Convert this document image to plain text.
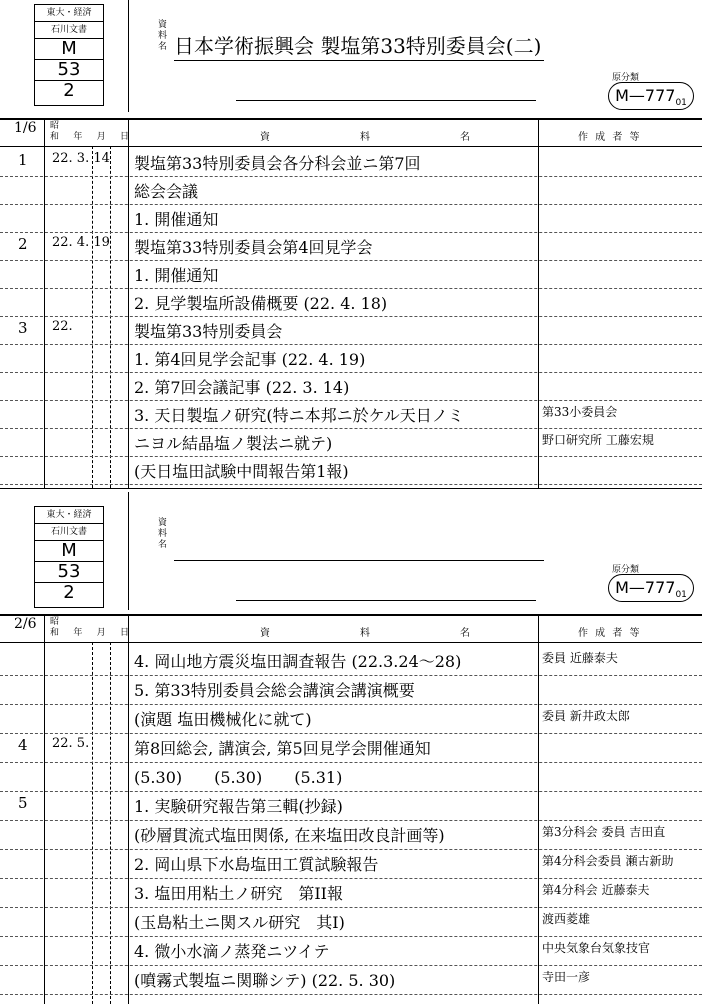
東大・経済
石川文書
M
53
2
資
料
名 日本学術振興会 製塩第33特別委員会(二)
原分類
$M—777_{01}$
1/6 昭
和 年 月 日	資　料　名	作 成 者 等
1 22. 3. 14 製塩第33特別委員会各分科会並ニ第7回
総会会議
1. 開催通知
2 22. 4. 19 製塩第33特別委員会第4回見学会
1. 開催通知
2. 見学製塩所設備概要 (22. 4. 18)
3 22.	製塩第33特別委員会
1. 第4回見学会記事 (22. 4. 19)
2. 第7回会議記事 (22. 3. 14)
3. 天日製塩ノ研究(特ニ本邦ニ於ケル天日ノミ	第33小委員会
ニヨル結晶塩ノ製法ニ就テ)	野口研究所 工藤宏規
(天日塩田試験中間報告第1報)
東大・経済
石川文書
M
53
2
資
料
名
原分類
$M—777_{01}$
2/6 昭
和 年 月 日	資　料　名	作 成 者 等
4. 岡山地方震災塩田調査報告 (22.3.24〜28)	委員 近藤泰夫
5. 第33特別委員会総会講演会講演概要
(演題 塩田機械化に就て)	委員 新井政太郎
4 22. 5.	第8回総会, 講演会, 第5回見学会開催通知
(5.30)　　(5.30)　　(5.31)
5	1. 実験研究報告第三輯(抄録)
(砂層貫流式塩田関係, 在来塩田改良計画等)	第3分科会 委員 吉田直
2. 岡山県下水島塩田工質試験報告	第4分科会委員 瀬古新助
3. 塩田用粘土ノ研究　第II報	第4分科会 近藤泰夫
(玉島粘土ニ関スル研究　其I)	渡西菱雄
4. 微小水滴ノ蒸発ニツイテ	中央気象台気象技官
(噴霧式製塩ニ関聯シテ) (22. 5. 30)	寺田一彦
